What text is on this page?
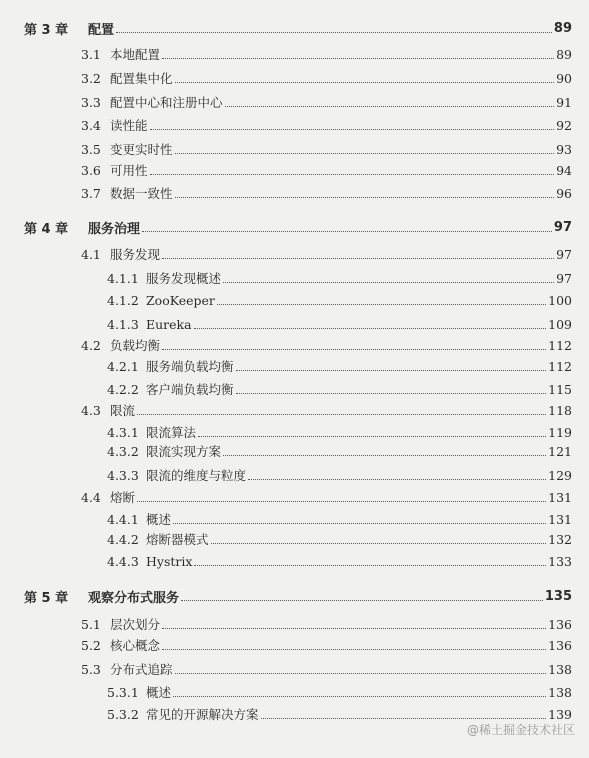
第 3 章 配置	89
3.1 本地配置	89
3.2 配置集中化	90
3.3 配置中心和注册中心	91
3.4 读性能	92
3.5 变更实时性	93
3.6 可用性	94
3.7 数据一致性	96
第 4 章 服务治理	97
4.1 服务发现	97
4.1.1 服务发现概述	97
4.1.2 ZooKeeper	100
4.1.3 Eureka	109
4.2 负载均衡	112
4.2.1 服务端负载均衡	112
4.2.2 客户端负载均衡	115
4.3 限流	118
4.3.1 限流算法	119
4.3.2 限流实现方案	121
4.3.3 限流的维度与粒度	129
4.4 熔断	131
4.4.1 概述	131
4.4.2 熔断器模式	132
4.4.3 Hystrix	133
第 5 章 观察分布式服务	135
5.1 层次划分	136
5.2 核心概念	136
5.3 分布式追踪	138
5.3.1 概述	138
5.3.2 常见的开源解决方案	139
@稀土掘金技术社区
